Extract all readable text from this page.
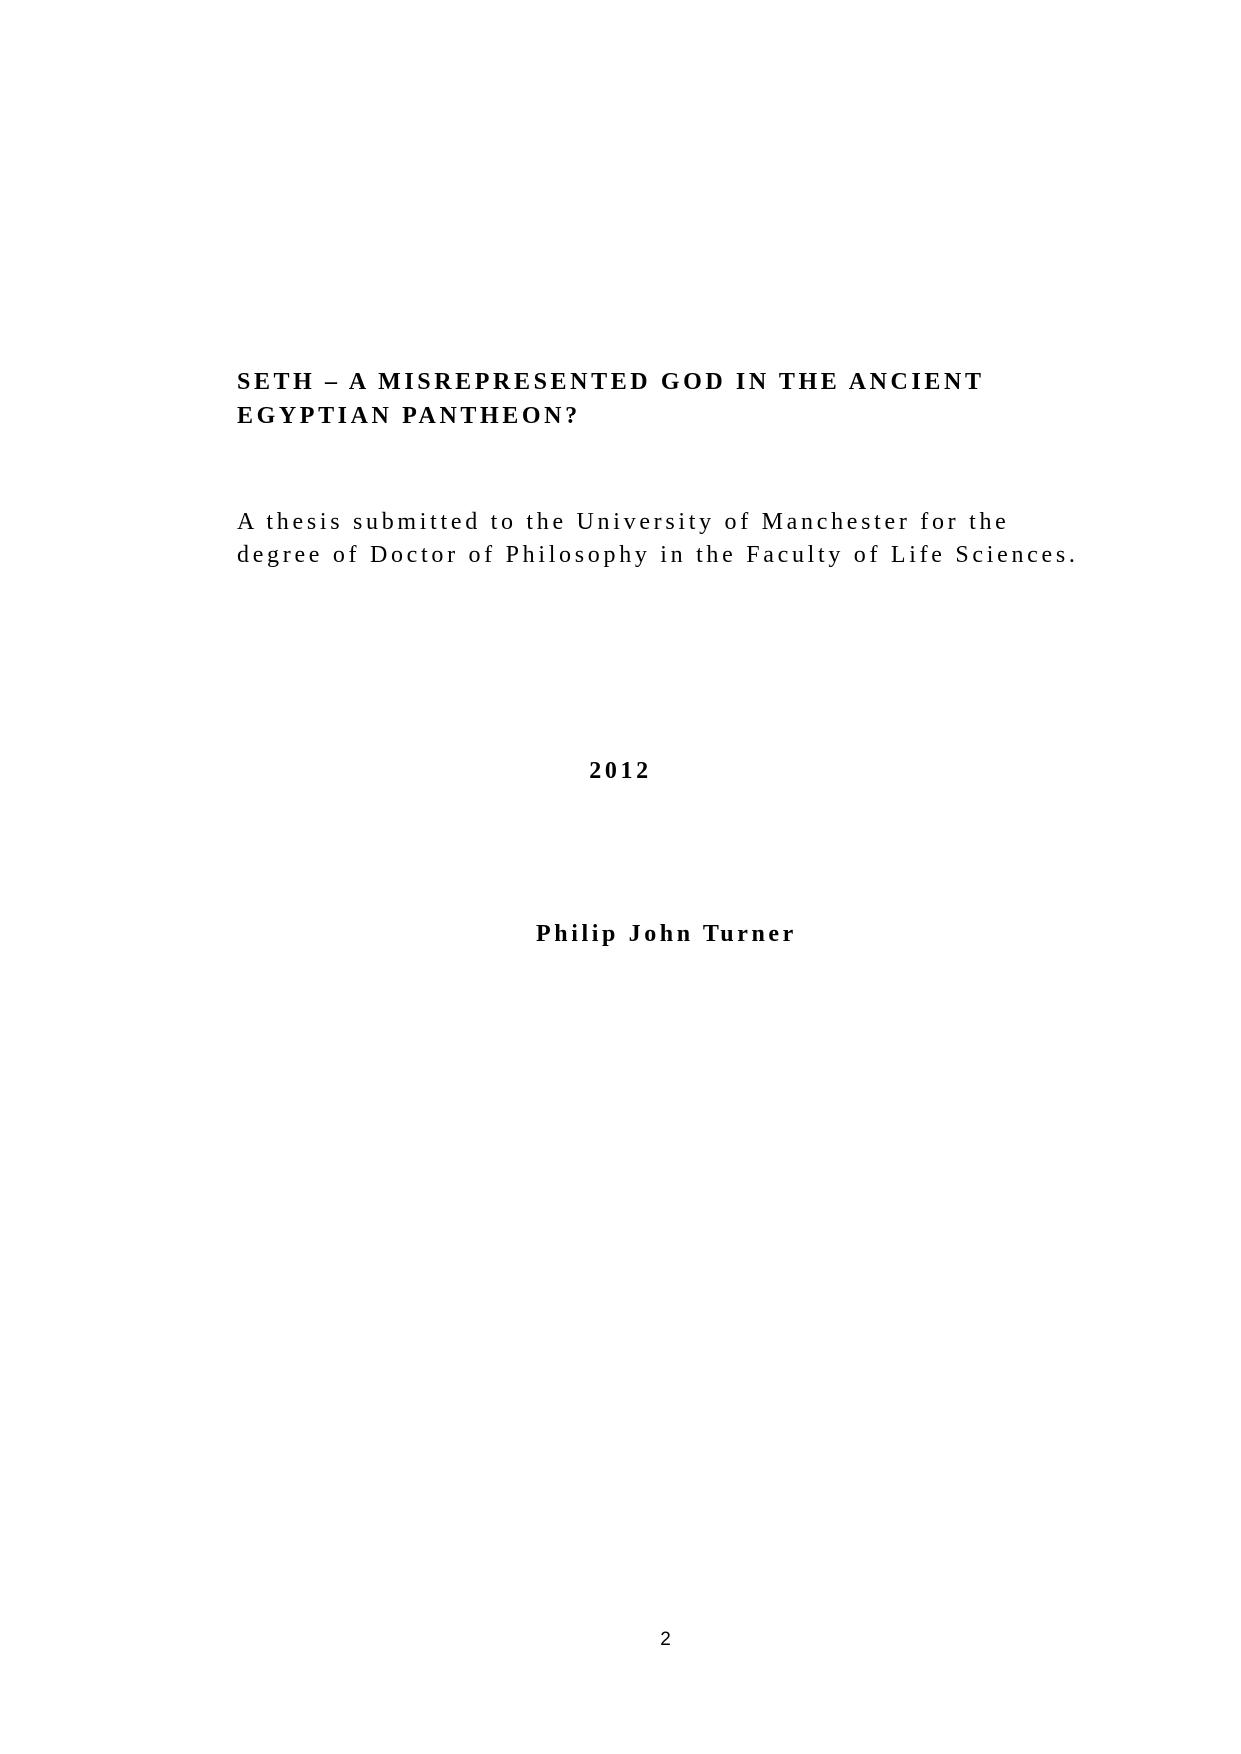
SETH – A MISREPRESENTED GOD IN THE ANCIENT
EGYPTIAN PANTHEON?

A thesis submitted to the University of Manchester for the
degree of Doctor of Philosophy in the Faculty of Life Sciences.

2012
Philip John Turner
2
